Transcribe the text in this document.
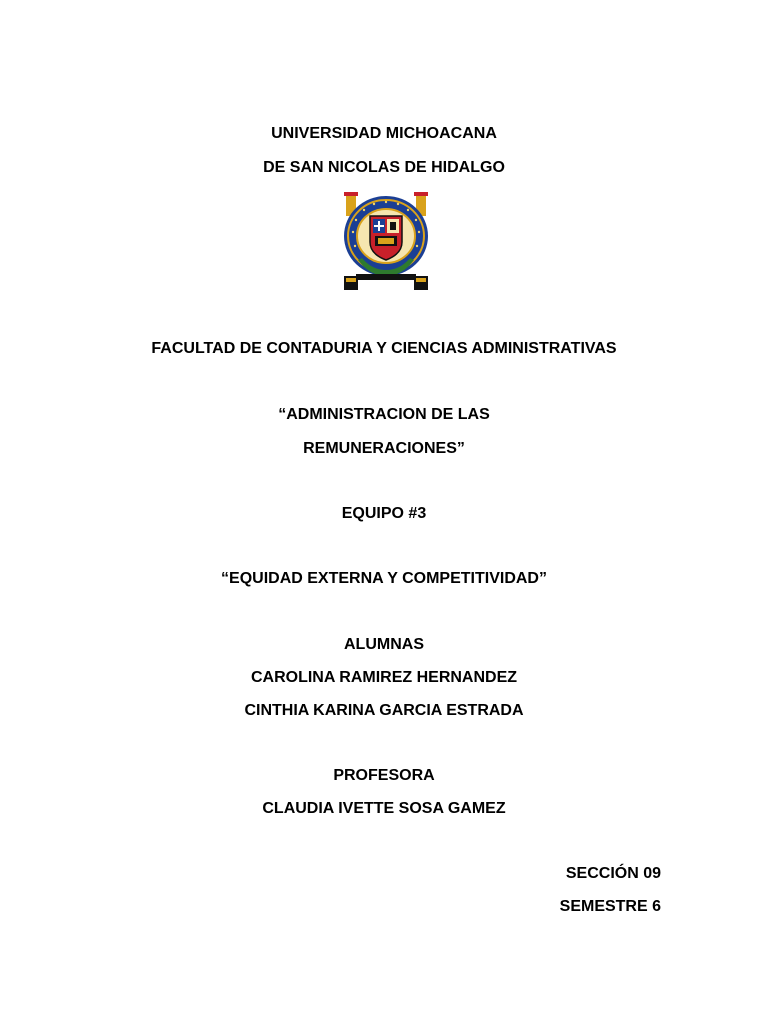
UNIVERSIDAD MICHOACANA
DE SAN NICOLAS DE HIDALGO
FACULTAD DE CONTADURIA Y CIENCIAS ADMINISTRATIVAS
“ADMINISTRACION DE LAS
REMUNERACIONES”
EQUIPO #3
“EQUIDAD EXTERNA Y COMPETITIVIDAD”
ALUMNAS
CAROLINA RAMIREZ HERNANDEZ
CINTHIA KARINA GARCIA ESTRADA
PROFESORA
CLAUDIA IVETTE SOSA GAMEZ
SECCIÓN 09
SEMESTRE 6
